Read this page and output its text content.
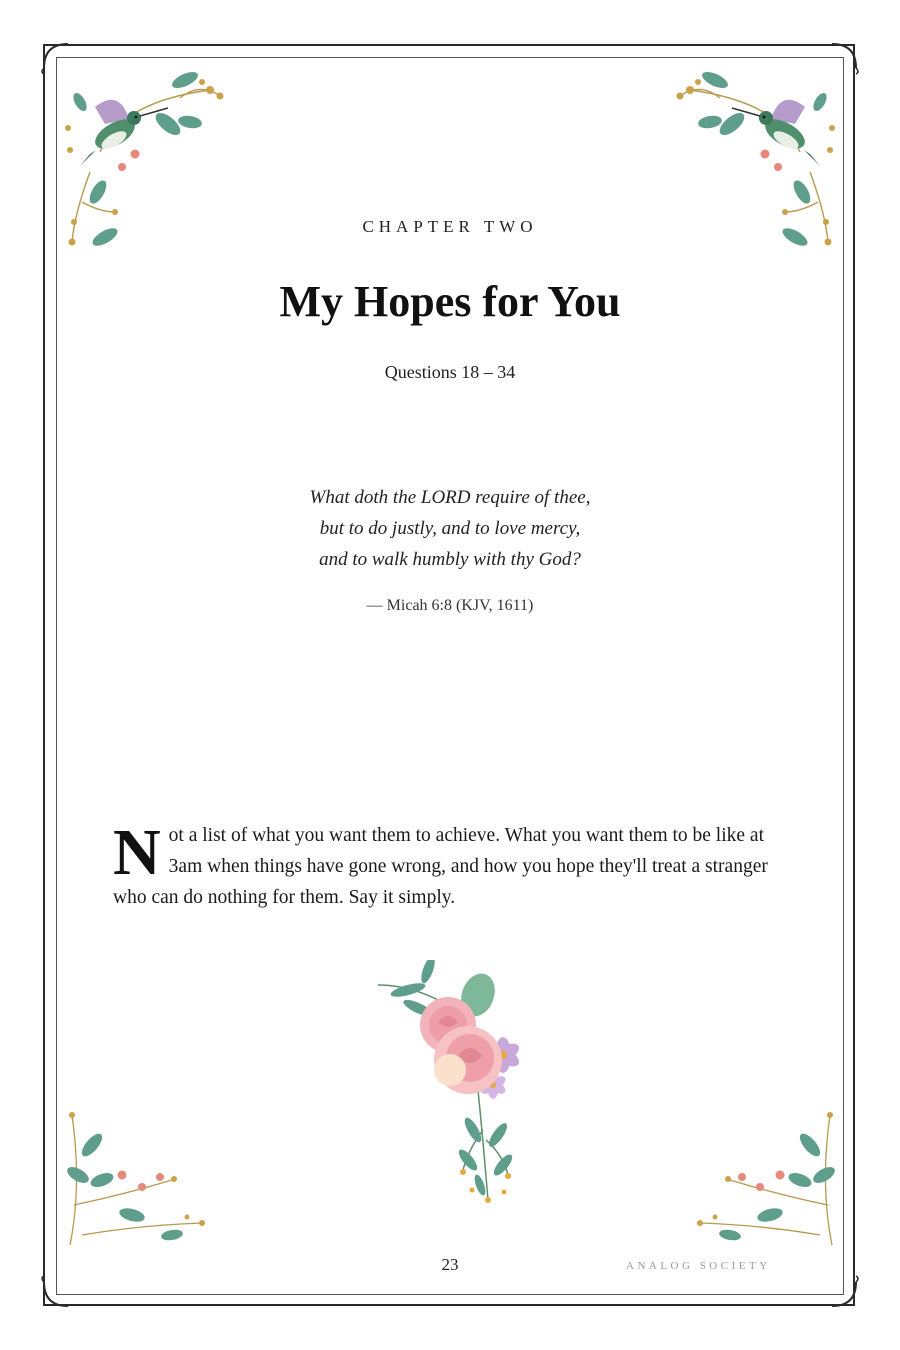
CHAPTER TWO
My Hopes for You
Questions 18 – 34
What doth the LORD require of thee,
but to do justly, and to love mercy,
and to walk humbly with thy God?
— Micah 6:8 (KJV, 1611)

Not a list of what you want them to achieve. What you want them to be like at 3am when things have gone wrong, and how you hope they'll treat a stranger who can do nothing for them. Say it simply.

23	ANALOG SOCIETY
